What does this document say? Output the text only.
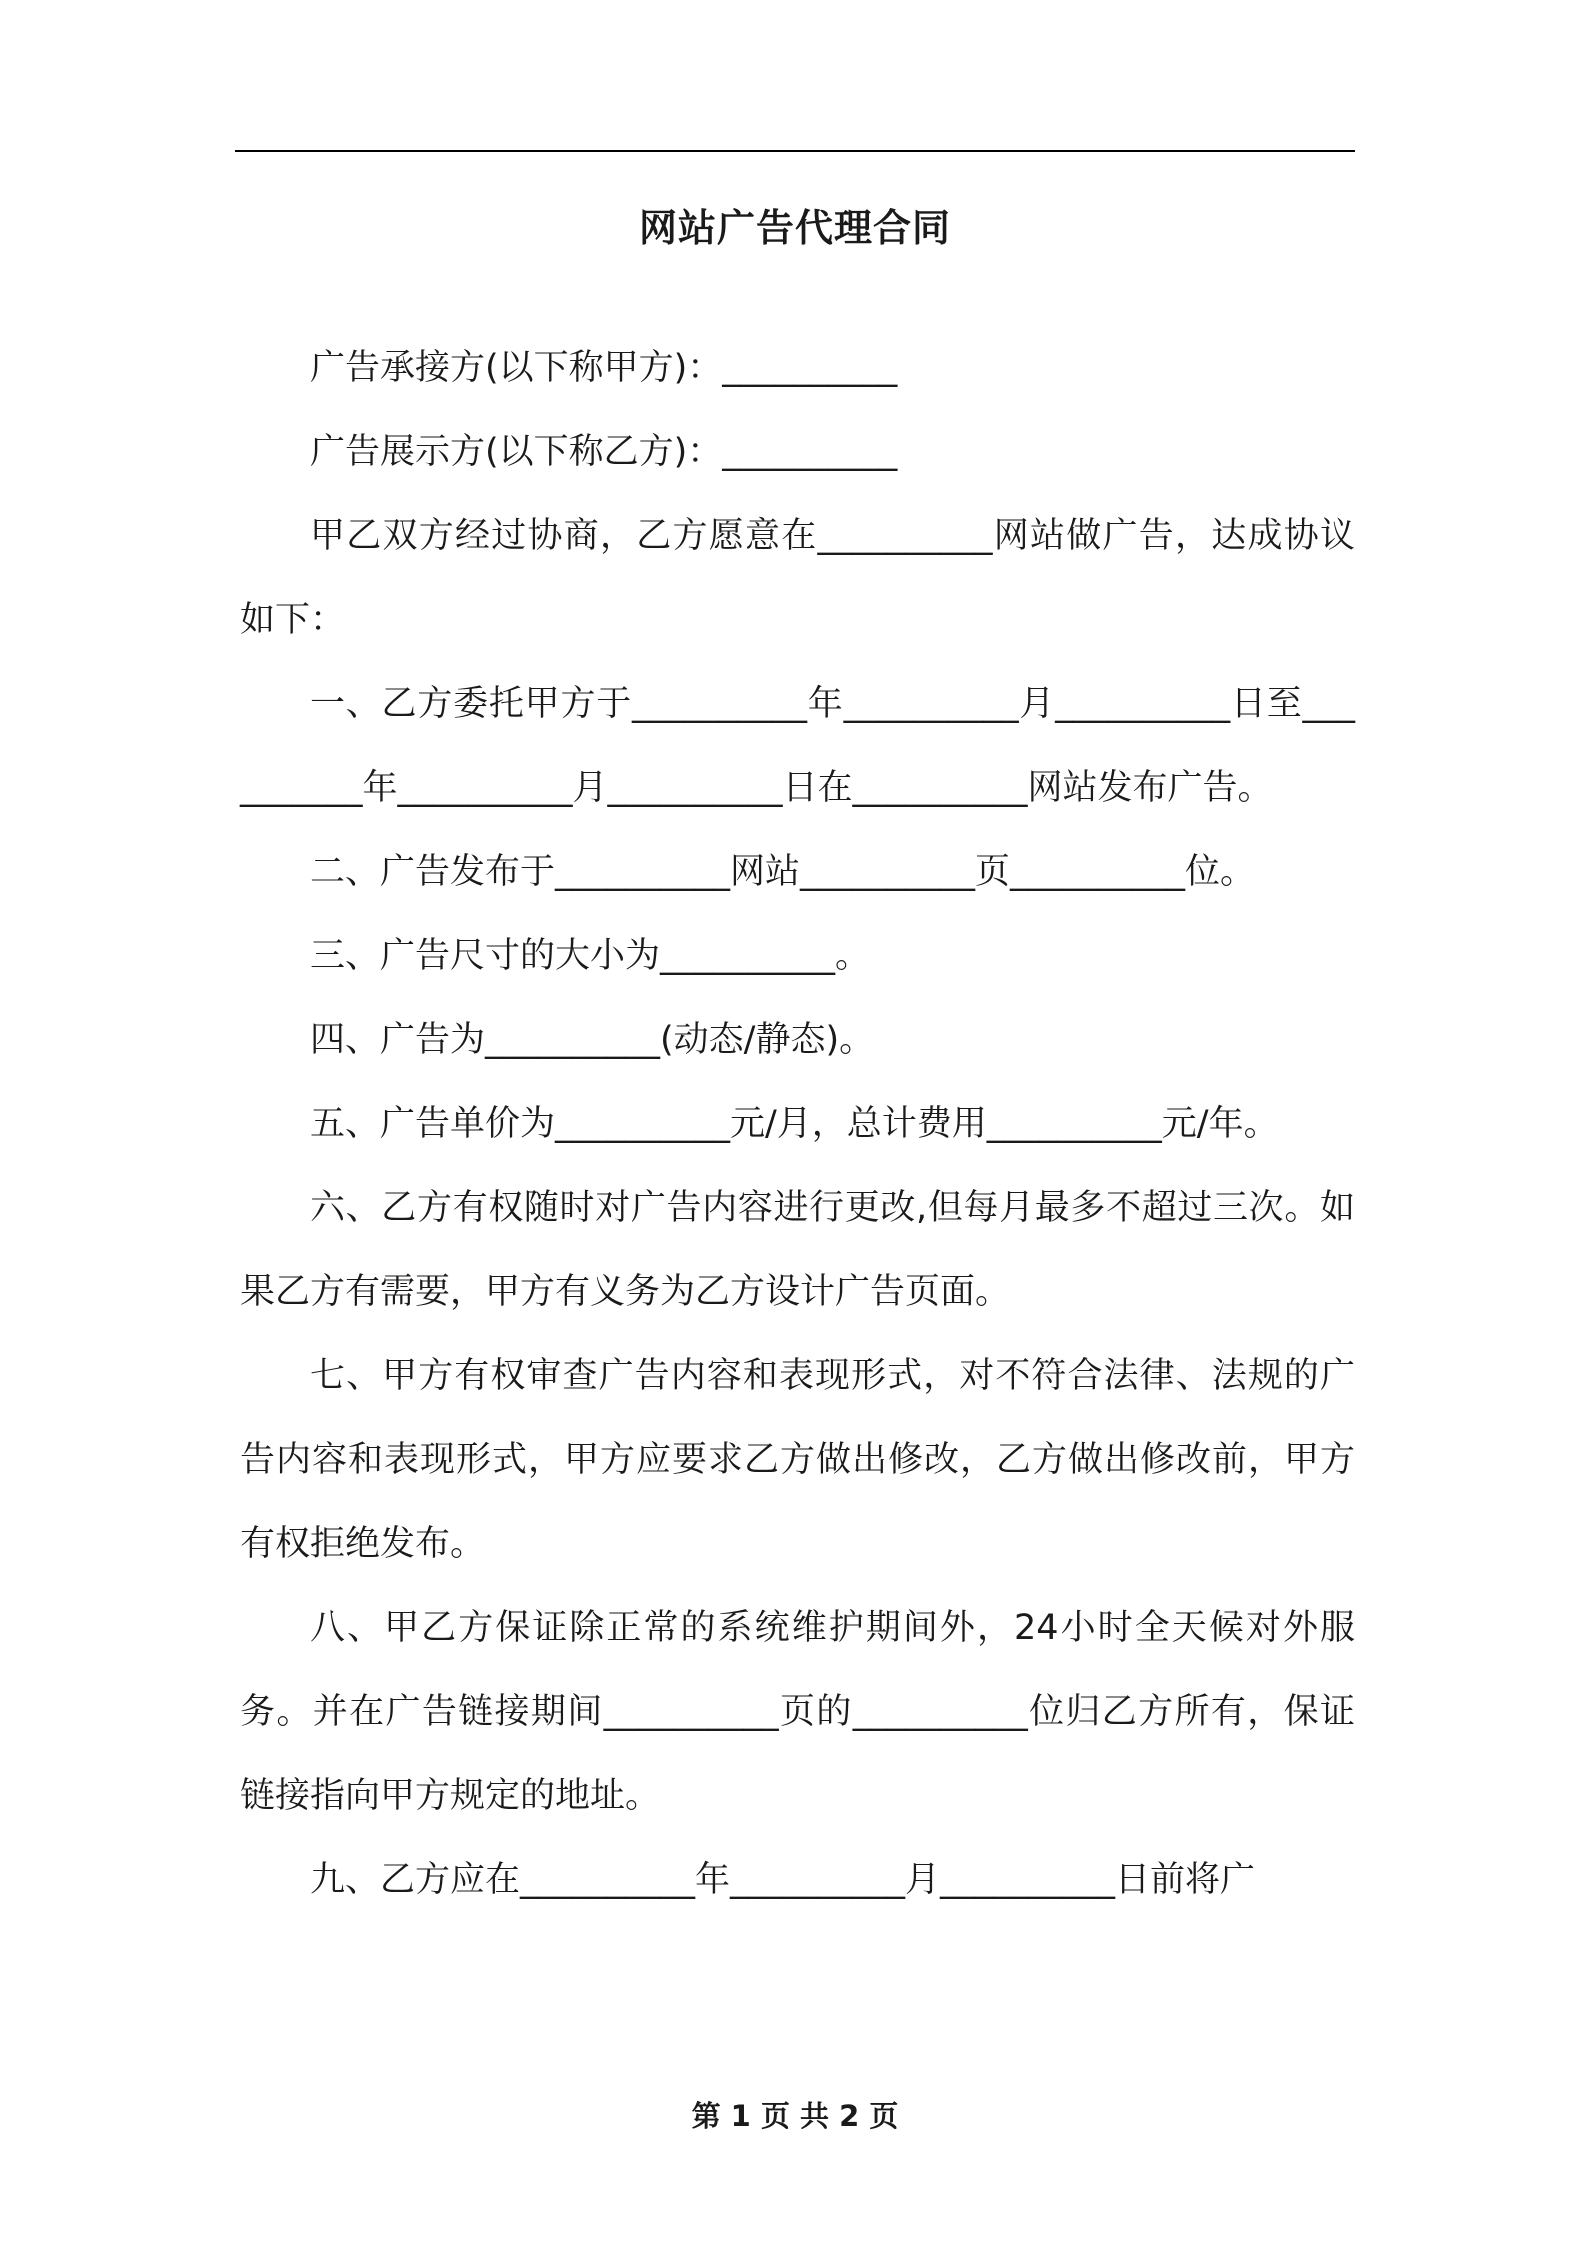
网站广告代理合同

广告承接方(以下称甲方)：__________

广告展示方(以下称乙方)：__________

甲乙双方经过协商，乙方愿意在__________网站做广告，达成协议如下：

一、乙方委托甲方于__________年__________月__________日至__________年__________月__________日在__________网站发布广告。

二、广告发布于__________网站__________页__________位。

三、广告尺寸的大小为__________。

四、广告为__________(动态/静态)。

五、广告单价为__________元/月，总计费用__________元/年。

六、乙方有权随时对广告内容进行更改,但每月最多不超过三次。如果乙方有需要，甲方有义务为乙方设计广告页面。

七、甲方有权审查广告内容和表现形式，对不符合法律、法规的广告内容和表现形式，甲方应要求乙方做出修改，乙方做出修改前，甲方有权拒绝发布。

八、甲乙方保证除正常的系统维护期间外，24小时全天候对外服务。并在广告链接期间__________页的__________位归乙方所有，保证链接指向甲方规定的地址。

九、乙方应在__________年__________月__________日前将广

第 1 页 共 2 页
